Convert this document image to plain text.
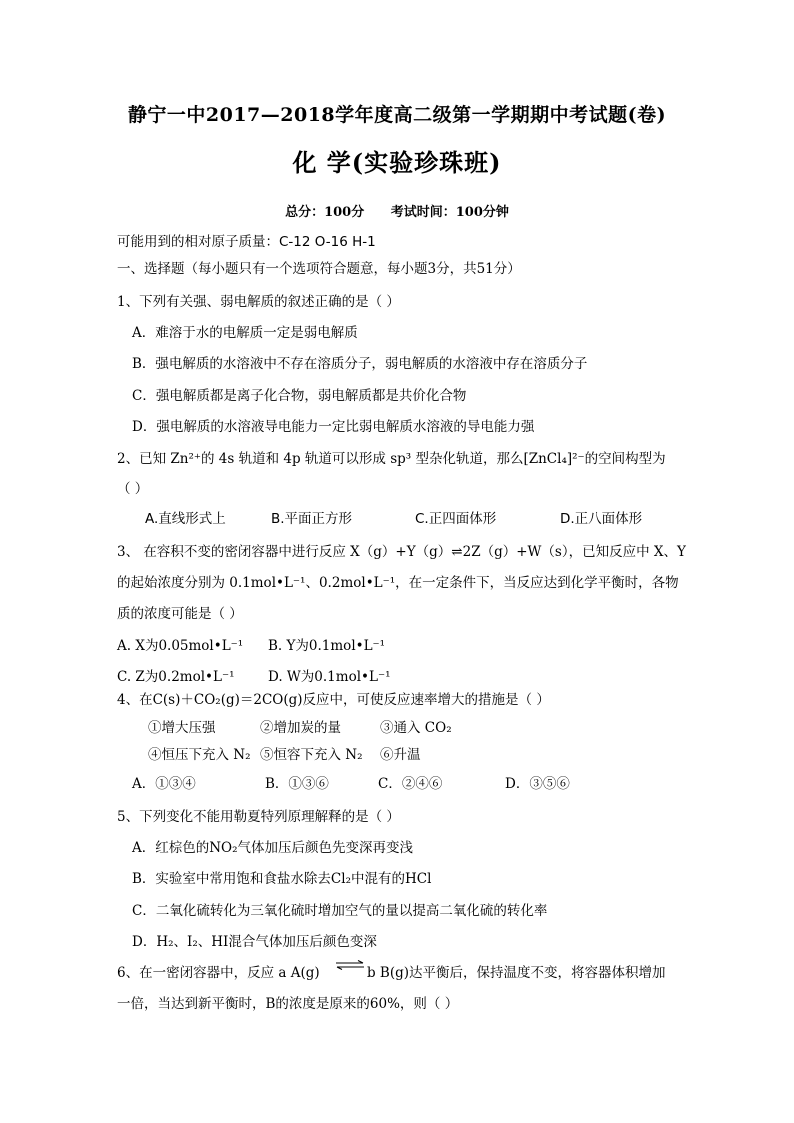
静宁一中2017—2018学年度高二级第一学期期中考试题(卷)
化 学(实验珍珠班)
总分：100分 考试时间：100分钟
可能用到的相对原子质量：C-12 O-16 H-1
一、选择题（每小题只有一个选项符合题意，每小题3分，共51分）
1、下列有关强、弱电解质的叙述正确的是（ ）
A．难溶于水的电解质一定是弱电解质
B．强电解质的水溶液中不存在溶质分子，弱电解质的水溶液中存在溶质分子
C．强电解质都是离子化合物，弱电解质都是共价化合物
D．强电解质的水溶液导电能力一定比弱电解质水溶液的导电能力强
2、已知 Zn²⁺的 4s 轨道和 4p 轨道可以形成 sp³ 型杂化轨道，那么[ZnCl₄]²⁻的空间构型为
（ ）
A.直线形式上	B.平面正方形	C.正四面体形	D.正八面体形
3、 在容积不变的密闭容器中进行反应 X（g）+Y（g）⇌2Z（g）+W（s），已知反应中 X、Y
的起始浓度分别为 0.1mol•L⁻¹、0.2mol•L⁻¹，在一定条件下，当反应达到化学平衡时，各物
质的浓度可能是（ ）
A. X为0.05mol•L⁻¹ B. Y为0.1mol•L⁻¹
C. Z为0.2mol•L⁻¹ D. W为0.1mol•L⁻¹
4、在C(s)＋CO₂(g)＝2CO(g)反应中，可使反应速率增大的措施是（ ）
①增大压强	②增加炭的量	③通入 CO₂
④恒压下充入 N₂ ⑤恒容下充入 N₂ ⑥升温
A．①③④	B．①③⑥	C．②④⑥	D．③⑤⑥
5、下列变化不能用勒夏特列原理解释的是（ ）
A．红棕色的NO₂气体加压后颜色先变深再变浅
B．实验室中常用饱和食盐水除去Cl₂中混有的HCl
C．二氧化硫转化为三氧化硫时增加空气的量以提高二氧化硫的转化率
D．H₂、I₂、HI混合气体加压后颜色变深
6、在一密闭容器中，反应 a A(g) ⇌ b B(g)达平衡后，保持温度不变，将容器体积增加
一倍，当达到新平衡时，B的浓度是原来的60%，则（ ）
